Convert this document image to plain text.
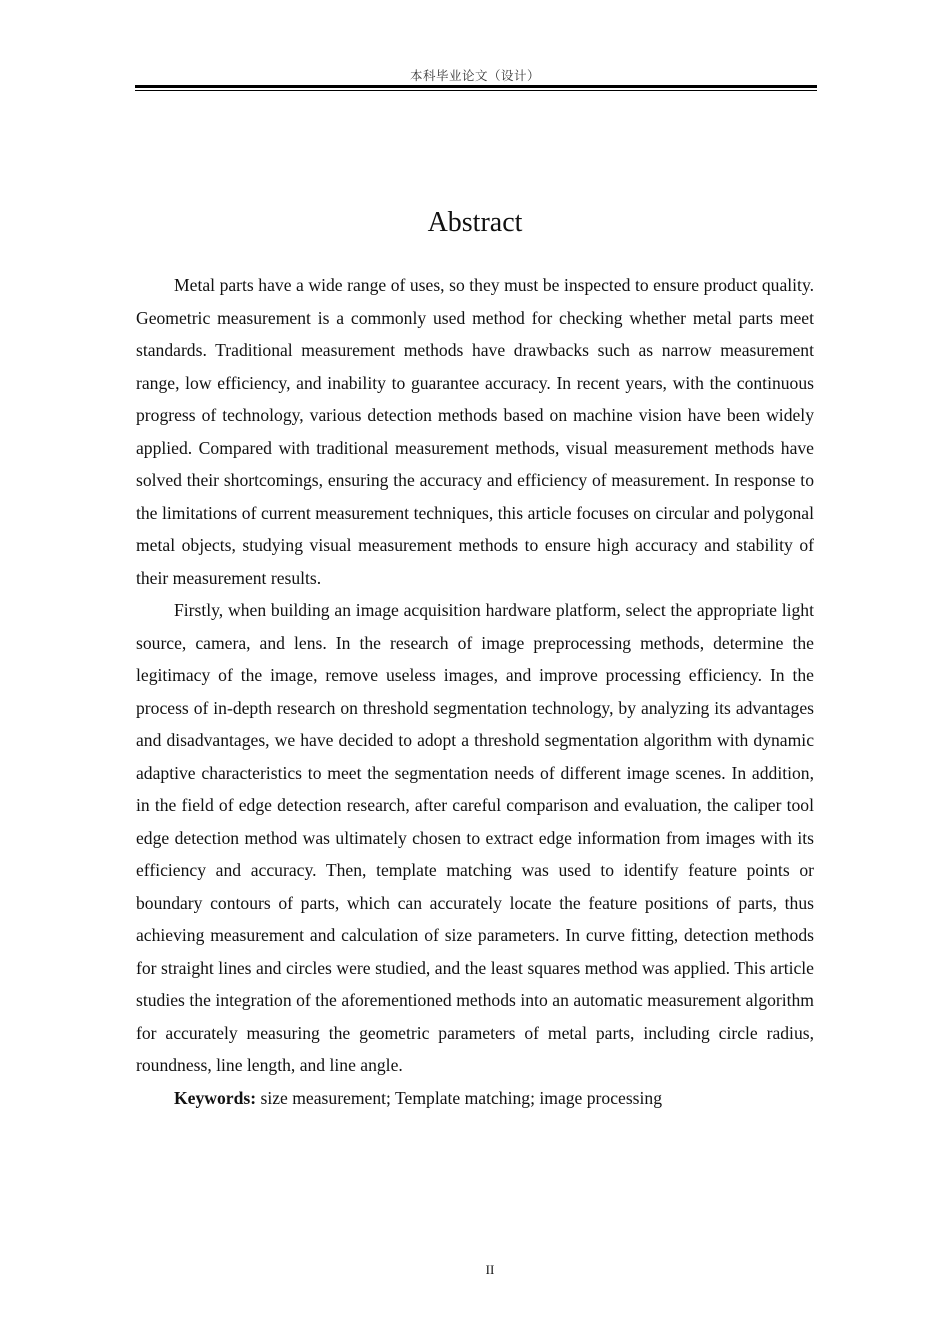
本科毕业论文（设计）
Abstract

Metal parts have a wide range of uses, so they must be inspected to ensure product quality. Geometric measurement is a commonly used method for checking whether metal parts meet standards. Traditional measurement methods have drawbacks such as narrow measurement range, low efficiency, and inability to guarantee accuracy. In recent years, with the continuous progress of technology, various detection methods based on machine vision have been widely applied. Compared with traditional measurement methods, visual measurement methods have solved their shortcomings, ensuring the accuracy and efficiency of measurement. In response to the limitations of current measurement techniques, this article focuses on circular and polygonal metal objects, studying visual measurement methods to ensure high accuracy and stability of their measurement results.

Firstly, when building an image acquisition hardware platform, select the appropriate light source, camera, and lens. In the research of image preprocessing methods, determine the legitimacy of the image, remove useless images, and improve processing efficiency. In the process of in-depth research on threshold segmentation technology, by analyzing its advantages and disadvantages, we have decided to adopt a threshold segmentation algorithm with dynamic adaptive characteristics to meet the segmentation needs of different image scenes. In addition, in the field of edge detection research, after careful comparison and evaluation, the caliper tool edge detection method was ultimately chosen to extract edge information from images with its efficiency and accuracy. Then, template matching was used to identify feature points or boundary contours of parts, which can accurately locate the feature positions of parts, thus achieving measurement and calculation of size parameters. In curve fitting, detection methods for straight lines and circles were studied, and the least squares method was applied. This article studies the integration of the aforementioned methods into an automatic measurement algorithm for accurately measuring the geometric parameters of metal parts, including circle radius, roundness, line length, and line angle.

Keywords: size measurement; Template matching; image processing

II
